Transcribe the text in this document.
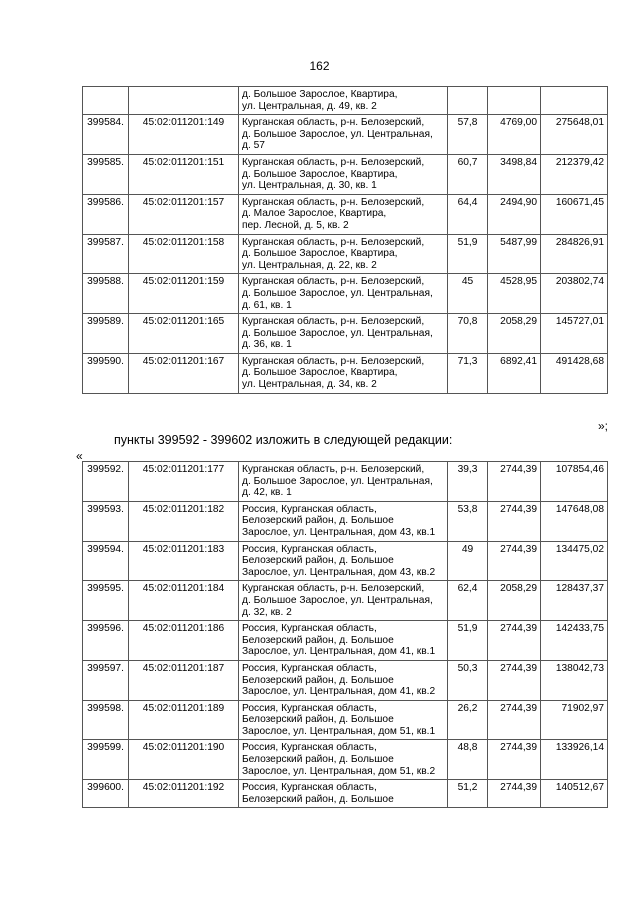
162

		д. Большое Зарослое, Квартира,
ул. Центральная, д. 49, кв. 2			

399584.	45:02:011201:149	Курганская область, р-н. Белозерский,
д. Большое Зарослое, ул. Центральная,
д. 57	57,8	4769,00	275648,01
399585.	45:02:011201:151	Курганская область, р-н. Белозерский,
д. Большое Зарослое, Квартира,
ул. Центральная, д. 30, кв. 1	60,7	3498,84	212379,42
399586.	45:02:011201:157	Курганская область, р-н. Белозерский,
д. Малое Зарослое, Квартира,
пер. Лесной, д. 5, кв. 2	64,4	2494,90	160671,45
399587.	45:02:011201:158	Курганская область, р-н. Белозерский,
д. Большое Зарослое, Квартира,
ул. Центральная, д. 22, кв. 2	51,9	5487,99	284826,91
399588.	45:02:011201:159	Курганская область, р-н. Белозерский,
д. Большое Зарослое, ул. Центральная,
д. 61, кв. 1	45	4528,95	203802,74
399589.	45:02:011201:165	Курганская область, р-н. Белозерский,
д. Большое Зарослое, ул. Центральная,
д. 36, кв. 1	70,8	2058,29	145727,01
399590.	45:02:011201:167	Курганская область, р-н. Белозерский,
д. Большое Зарослое, Квартира,
ул. Центральная, д. 34, кв. 2	71,3	6892,41	491428,68
»;
пункты 399592 - 399602 изложить в следующей редакции:
«
399592.	45:02:011201:177	Курганская область, р-н. Белозерский,
д. Большое Зарослое, ул. Центральная,
д. 42, кв. 1	39,3	2744,39	107854,46
399593.	45:02:011201:182	Россия, Курганская область,
Белозерский район, д. Большое
Зарослое, ул. Центральная, дом 43, кв.1	53,8	2744,39	147648,08
399594.	45:02:011201:183	Россия, Курганская область,
Белозерский район, д. Большое
Зарослое, ул. Центральная, дом 43, кв.2	49	2744,39	134475,02
399595.	45:02:011201:184	Курганская область, р-н. Белозерский,
д. Большое Зарослое, ул. Центральная,
д. 32, кв. 2	62,4	2058,29	128437,37
399596.	45:02:011201:186	Россия, Курганская область,
Белозерский район, д. Большое
Зарослое, ул. Центральная, дом 41, кв.1	51,9	2744,39	142433,75
399597.	45:02:011201:187	Россия, Курганская область,
Белозерский район, д. Большое
Зарослое, ул. Центральная, дом 41, кв.2	50,3	2744,39	138042,73
399598.	45:02:011201:189	Россия, Курганская область,
Белозерский район, д. Большое
Зарослое, ул. Центральная, дом 51, кв.1	26,2	2744,39	71902,97
399599.	45:02:011201:190	Россия, Курганская область,
Белозерский район, д. Большое
Зарослое, ул. Центральная, дом 51, кв.2	48,8	2744,39	133926,14
399600.	45:02:011201:192	Россия, Курганская область,
Белозерский район, д. Большое	51,2	2744,39	140512,67
